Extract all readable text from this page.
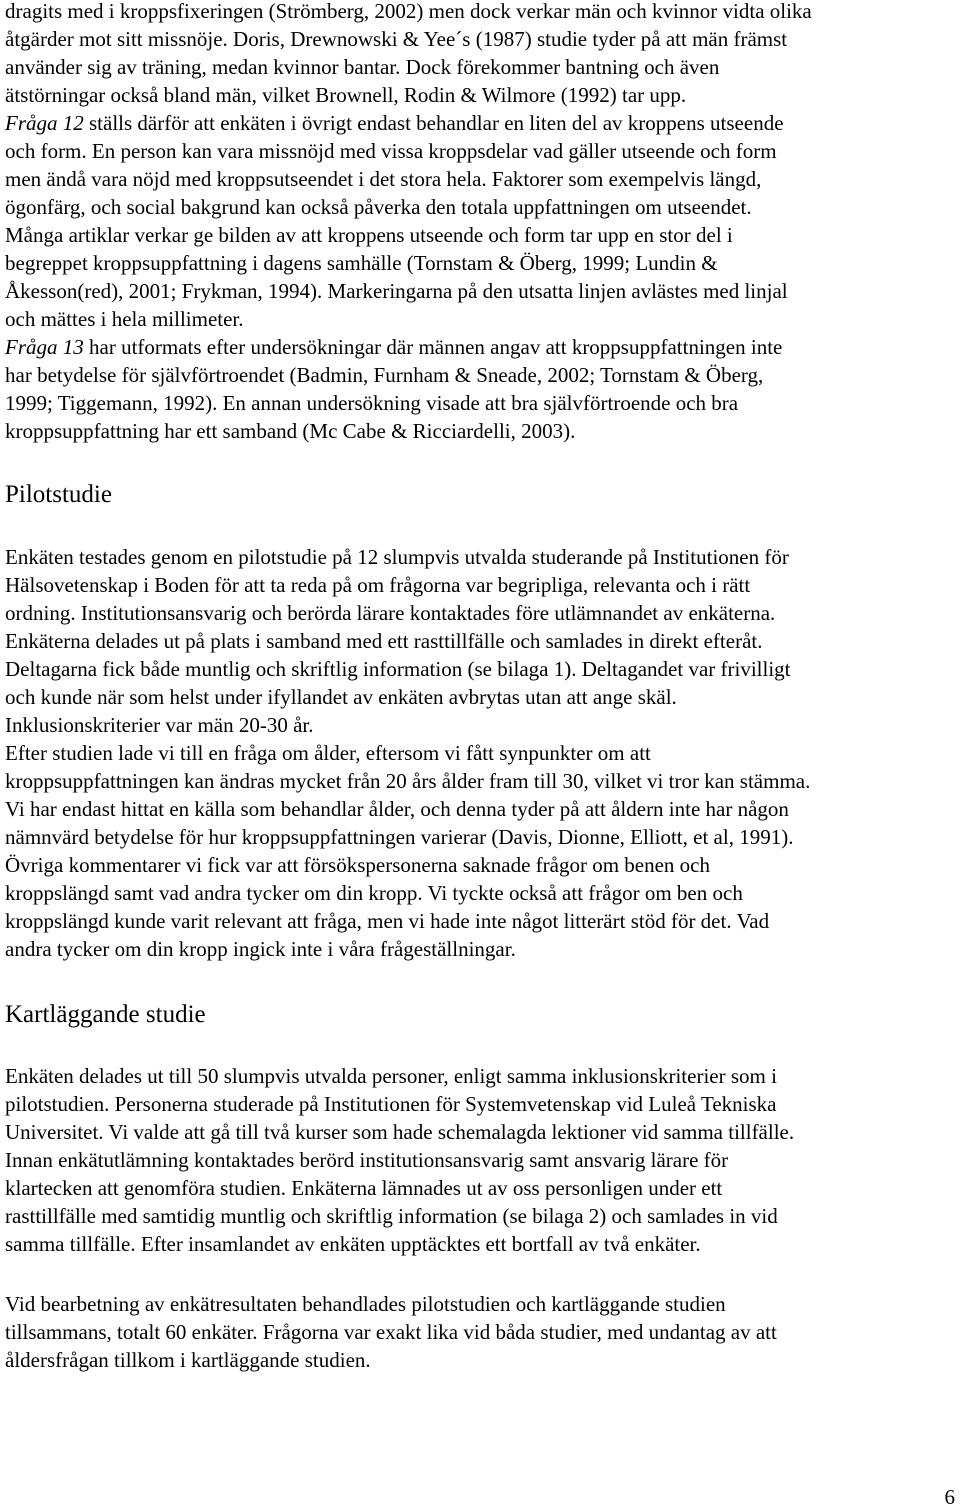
dragits med i kroppsfixeringen (Strömberg, 2002) men dock verkar män och kvinnor vidta olika
åtgärder mot sitt missnöje. Doris, Drewnowski & Yee´s (1987) studie tyder på att män främst
använder sig av träning, medan kvinnor bantar. Dock förekommer bantning och även
ätstörningar också bland män, vilket Brownell, Rodin & Wilmore (1992) tar upp.
Fråga 12 ställs därför att enkäten i övrigt endast behandlar en liten del av kroppens utseende
och form. En person kan vara missnöjd med vissa kroppsdelar vad gäller utseende och form
men ändå vara nöjd med kroppsutseendet i det stora hela. Faktorer som exempelvis längd,
ögonfärg, och social bakgrund kan också påverka den totala uppfattningen om utseendet.
Många artiklar verkar ge bilden av att kroppens utseende och form tar upp en stor del i
begreppet kroppsuppfattning i dagens samhälle (Tornstam & Öberg, 1999; Lundin &
Åkesson(red), 2001; Frykman, 1994). Markeringarna på den utsatta linjen avlästes med linjal
och mättes i hela millimeter.
Fråga 13 har utformats efter undersökningar där männen angav att kroppsuppfattningen inte
har betydelse för självförtroendet (Badmin, Furnham & Sneade, 2002; Tornstam & Öberg,
1999; Tiggemann, 1992). En annan undersökning visade att bra självförtroende och bra
kroppsuppfattning har ett samband (Mc Cabe & Ricciardelli, 2003).
Pilotstudie
Enkäten testades genom en pilotstudie på 12 slumpvis utvalda studerande på Institutionen för
Hälsovetenskap i Boden för att ta reda på om frågorna var begripliga, relevanta och i rätt
ordning. Institutionsansvarig och berörda lärare kontaktades före utlämnandet av enkäterna.
Enkäterna delades ut på plats i samband med ett rasttillfälle och samlades in direkt efteråt.
Deltagarna fick både muntlig och skriftlig information (se bilaga 1). Deltagandet var frivilligt
och kunde när som helst under ifyllandet av enkäten avbrytas utan att ange skäl.
Inklusionskriterier var män 20-30 år.
Efter studien lade vi till en fråga om ålder, eftersom vi fått synpunkter om att
kroppsuppfattningen kan ändras mycket från 20 års ålder fram till 30, vilket vi tror kan stämma.
Vi har endast hittat en källa som behandlar ålder, och denna tyder på att åldern inte har någon
nämnvärd betydelse för hur kroppsuppfattningen varierar (Davis, Dionne, Elliott, et al, 1991).
Övriga kommentarer vi fick var att försökspersonerna saknade frågor om benen och
kroppslängd samt vad andra tycker om din kropp. Vi tyckte också att frågor om ben och
kroppslängd kunde varit relevant att fråga, men vi hade inte något litterärt stöd för det. Vad
andra tycker om din kropp ingick inte i våra frågeställningar.
Kartläggande studie
Enkäten delades ut till 50 slumpvis utvalda personer, enligt samma inklusionskriterier som i
pilotstudien. Personerna studerade på Institutionen för Systemvetenskap vid Luleå Tekniska
Universitet. Vi valde att gå till två kurser som hade schemalagda lektioner vid samma tillfälle.
Innan enkätutlämning kontaktades berörd institutionsansvarig samt ansvarig lärare för
klartecken att genomföra studien. Enkäterna lämnades ut av oss personligen under ett
rasttillfälle med samtidig muntlig och skriftlig information (se bilaga 2) och samlades in vid
samma tillfälle. Efter insamlandet av enkäten upptäcktes ett bortfall av två enkäter.
Vid bearbetning av enkätresultaten behandlades pilotstudien och kartläggande studien
tillsammans, totalt 60 enkäter. Frågorna var exakt lika vid båda studier, med undantag av att
åldersfrågan tillkom i kartläggande studien.
6
